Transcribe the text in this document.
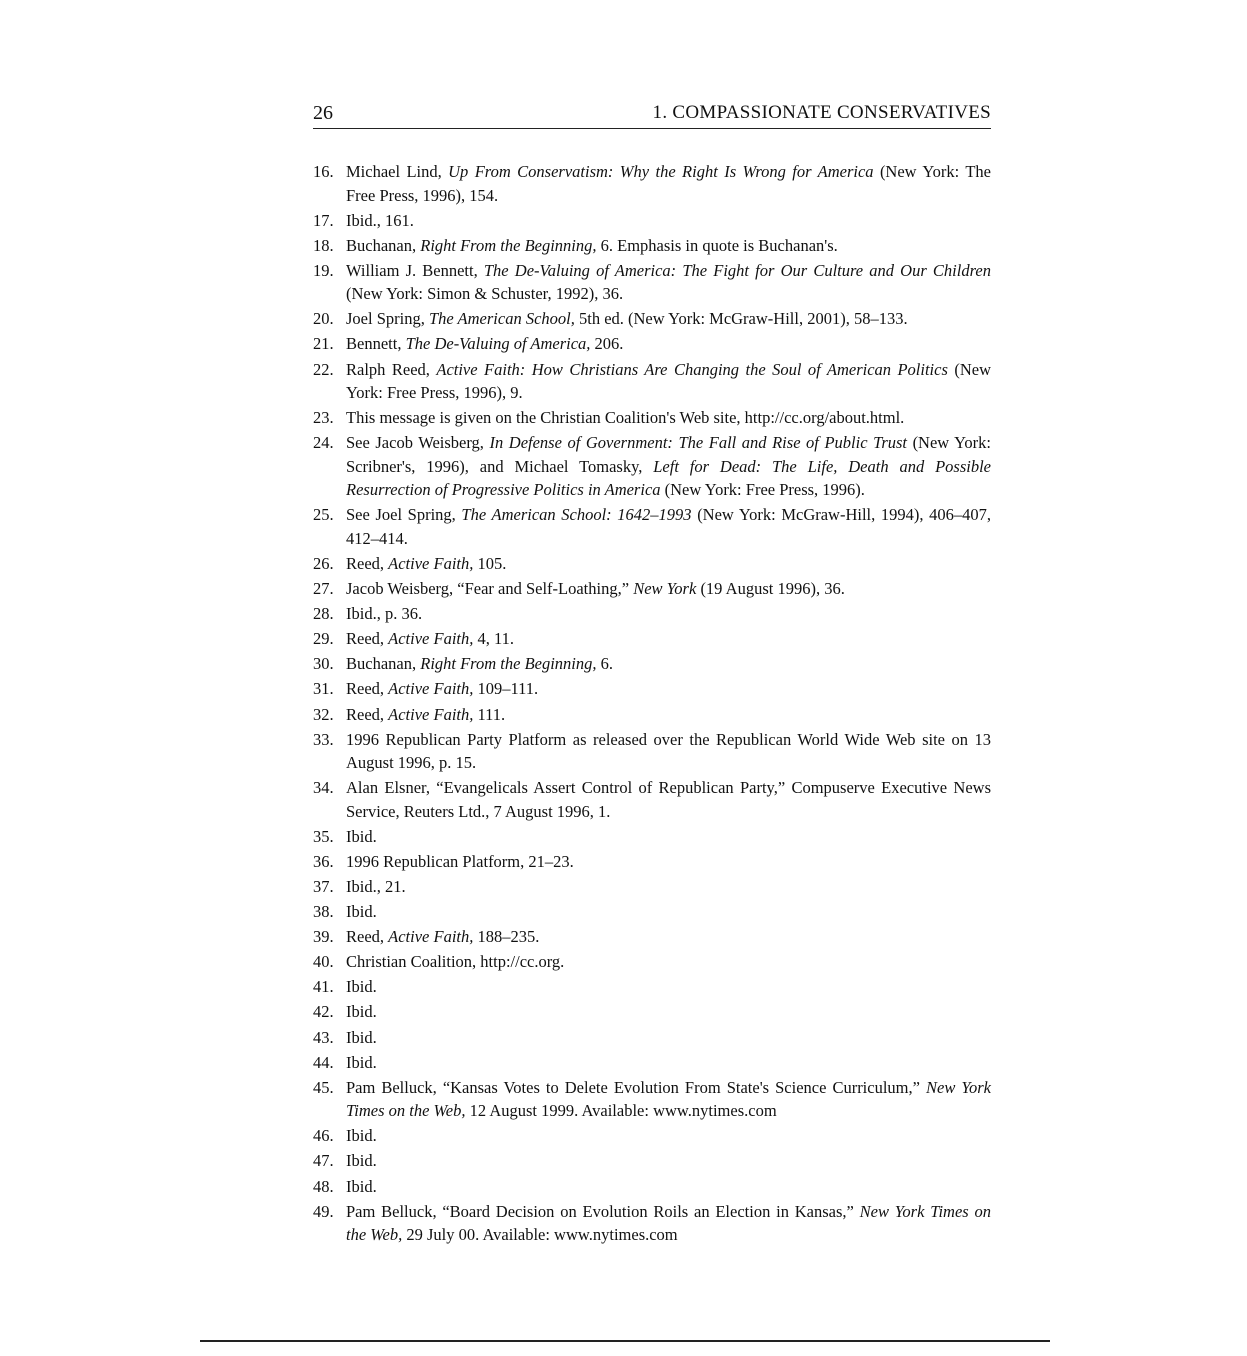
26	1. COMPASSIONATE CONSERVATIVES
16. Michael Lind, Up From Conservatism: Why the Right Is Wrong for America (New York: The Free Press, 1996), 154.
17. Ibid., 161.
18. Buchanan, Right From the Beginning, 6. Emphasis in quote is Buchanan's.
19. William J. Bennett, The De-Valuing of America: The Fight for Our Culture and Our Children (New York: Simon & Schuster, 1992), 36.
20. Joel Spring, The American School, 5th ed. (New York: McGraw-Hill, 2001), 58–133.
21. Bennett, The De-Valuing of America, 206.
22. Ralph Reed, Active Faith: How Christians Are Changing the Soul of American Politics (New York: Free Press, 1996), 9.
23. This message is given on the Christian Coalition's Web site, http://cc.org/about.html.
24. See Jacob Weisberg, In Defense of Government: The Fall and Rise of Public Trust (New York: Scribner's, 1996), and Michael Tomasky, Left for Dead: The Life, Death and Possible Resurrection of Progressive Politics in America (New York: Free Press, 1996).
25. See Joel Spring, The American School: 1642–1993 (New York: McGraw-Hill, 1994), 406–407, 412–414.
26. Reed, Active Faith, 105.
27. Jacob Weisberg, “Fear and Self-Loathing,” New York (19 August 1996), 36.
28. Ibid., p. 36.
29. Reed, Active Faith, 4, 11.
30. Buchanan, Right From the Beginning, 6.
31. Reed, Active Faith, 109–111.
32. Reed, Active Faith, 111.
33. 1996 Republican Party Platform as released over the Republican World Wide Web site on 13 August 1996, p. 15.
34. Alan Elsner, “Evangelicals Assert Control of Republican Party,” Compuserve Executive News Service, Reuters Ltd., 7 August 1996, 1.
35. Ibid.
36. 1996 Republican Platform, 21–23.
37. Ibid., 21.
38. Ibid.
39. Reed, Active Faith, 188–235.
40. Christian Coalition, http://cc.org.
41. Ibid.
42. Ibid.
43. Ibid.
44. Ibid.
45. Pam Belluck, “Kansas Votes to Delete Evolution From State's Science Curriculum,” New York Times on the Web, 12 August 1999. Available: www.nytimes.com
46. Ibid.
47. Ibid.
48. Ibid.
49. Pam Belluck, “Board Decision on Evolution Roils an Election in Kansas,” New York Times on the Web, 29 July 00. Available: www.nytimes.com
